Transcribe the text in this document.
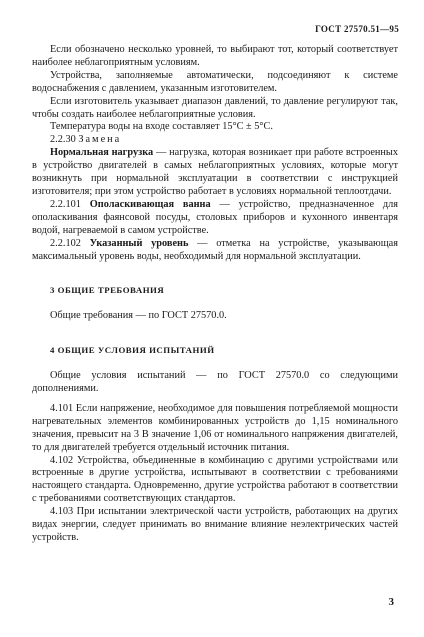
ГОСТ 27570.51—95

Если обозначено несколько уровней, то выбирают тот, который соответствует наиболее неблагоприятным условиям.

Устройства, заполняемые автоматически, подсоединяют к системе водоснабжения с давлением, указанным изготовителем.

Если изготовитель указывает диапазон давлений, то давление регулируют так, чтобы создать наиболее неблагоприятные условия.

Температура воды на входе составляет 15°C ± 5°C.

2.2.30 Замена

Нормальная нагрузка — нагрузка, которая возникает при работе встроенных в устройство двигателей в самых неблагоприятных условиях, которые могут возникнуть при нормальной эксплуатации в соответствии с инструкцией изготовителя; при этом устройство работает в условиях нормальной теплоотдачи.

2.2.101 Ополаскивающая ванна — устройство, предназначенное для ополаскивания фаянсовой посуды, столовых приборов и кухонного инвентаря водой, нагреваемой в самом устройстве.

2.2.102 Указанный уровень — отметка на устройстве, указывающая максимальный уровень воды, необходимый для нормальной эксплуатации.

3 ОБЩИЕ ТРЕБОВАНИЯ

Общие требования — по ГОСТ 27570.0.

4 ОБЩИЕ УСЛОВИЯ ИСПЫТАНИЙ

Общие условия испытаний — по ГОСТ 27570.0 со следующими дополнениями.

4.101 Если напряжение, необходимое для повышения потребляемой мощности нагревательных элементов комбинированных устройств до 1,15 номинального значения, превысит на 3 В значение 1,06 от номинального напряжения двигателей, то для двигателей требуется отдельный источник питания.

4.102 Устройства, объединенные в комбинацию с другими устройствами или встроенные в другие устройства, испытывают в соответствии с требованиями настоящего стандарта. Одновременно, другие устройства работают в соответствии с требованиями соответствующих стандартов.

4.103 При испытании электрической части устройств, работающих на других видах энергии, следует принимать во внимание влияние неэлектрических частей устройств.

3
